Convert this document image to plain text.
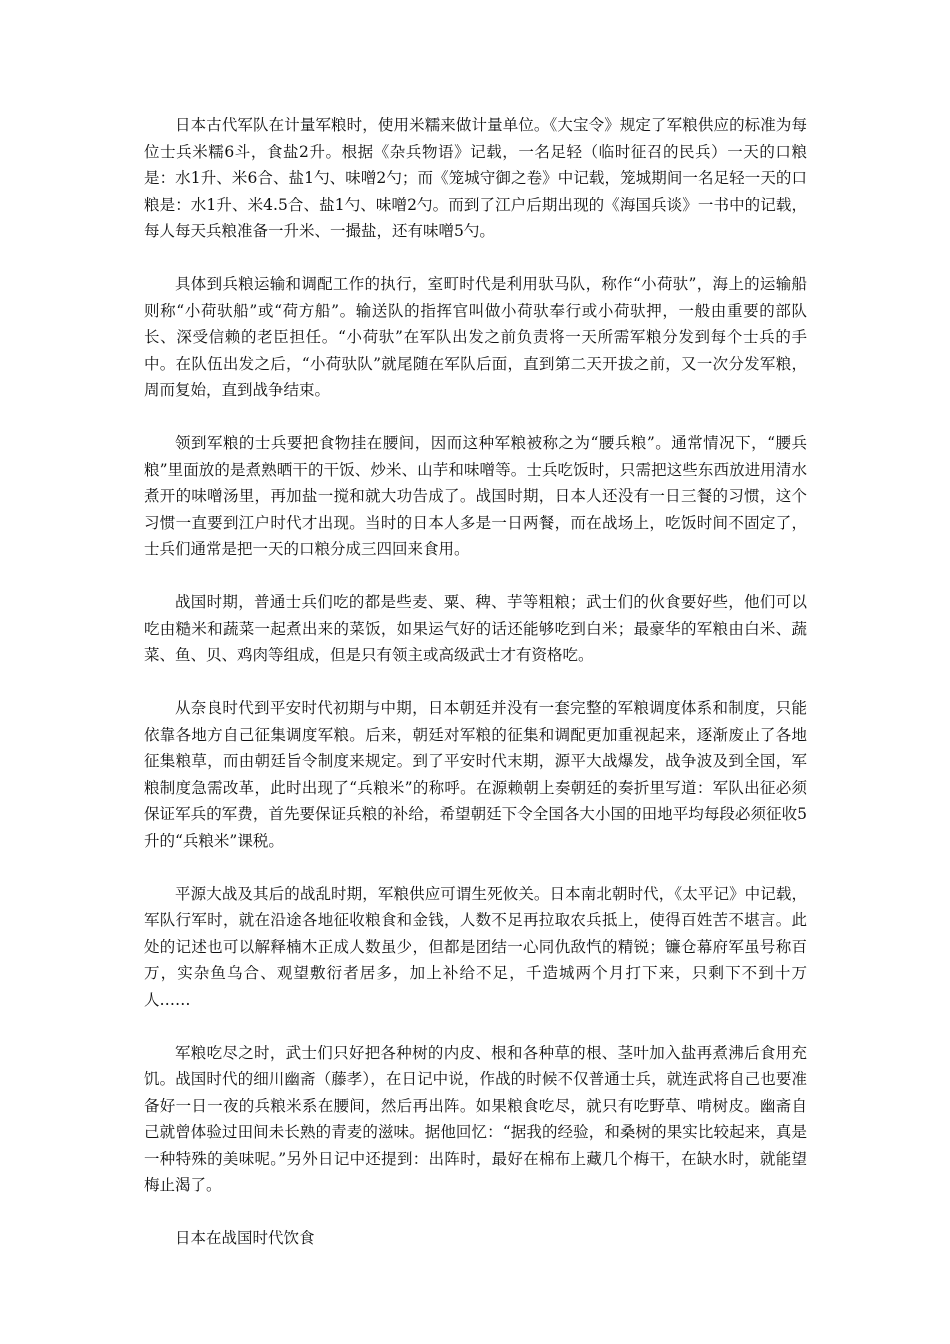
日本古代军队在计量军粮时，使用米糯来做计量单位。《大宝令》规定了军粮供应的标准为每位士兵米糯6斗，食盐2升。根据《杂兵物语》记载，一名足轻（临时征召的民兵）一天的口粮是：水1升、米6合、盐1勺、味噌2勺；而《笼城守御之卷》中记载，笼城期间一名足轻一天的口粮是：水1升、米4.5合、盐1勺、味噌2勺。而到了江户后期出现的《海国兵谈》一书中的记载，每人每天兵粮准备一升米、一撮盐，还有味噌5勺。

具体到兵粮运输和调配工作的执行，室町时代是利用驮马队，称作“小荷驮”，海上的运输船则称“小荷驮船”或“荷方船”。输送队的指挥官叫做小荷驮奉行或小荷驮押，一般由重要的部队长、深受信赖的老臣担任。“小荷驮”在军队出发之前负责将一天所需军粮分发到每个士兵的手中。在队伍出发之后，“小荷驮队”就尾随在军队后面，直到第二天开拔之前，又一次分发军粮，周而复始，直到战争结束。

领到军粮的士兵要把食物挂在腰间，因而这种军粮被称之为“腰兵粮”。通常情况下，“腰兵粮”里面放的是煮熟晒干的干饭、炒米、山芋和味噌等。士兵吃饭时，只需把这些东西放进用清水煮开的味噌汤里，再加盐一搅和就大功告成了。战国时期，日本人还没有一日三餐的习惯，这个习惯一直要到江户时代才出现。当时的日本人多是一日两餐，而在战场上，吃饭时间不固定了，士兵们通常是把一天的口粮分成三四回来食用。

战国时期，普通士兵们吃的都是些麦、粟、稗、芋等粗粮；武士们的伙食要好些，他们可以吃由糙米和蔬菜一起煮出来的菜饭，如果运气好的话还能够吃到白米；最豪华的军粮由白米、蔬菜、鱼、贝、鸡肉等组成，但是只有领主或高级武士才有资格吃。

从奈良时代到平安时代初期与中期，日本朝廷并没有一套完整的军粮调度体系和制度，只能依靠各地方自己征集调度军粮。后来，朝廷对军粮的征集和调配更加重视起来，逐渐废止了各地征集粮草，而由朝廷旨令制度来规定。到了平安时代末期，源平大战爆发，战争波及到全国，军粮制度急需改革，此时出现了“兵粮米”的称呼。在源赖朝上奏朝廷的奏折里写道：军队出征必须保证军兵的军费，首先要保证兵粮的补给，希望朝廷下令全国各大小国的田地平均每段必须征收5升的“兵粮米”课税。

平源大战及其后的战乱时期，军粮供应可谓生死攸关。日本南北朝时代，《太平记》中记载，军队行军时，就在沿途各地征收粮食和金钱，人数不足再拉取农兵抵上，使得百姓苦不堪言。此处的记述也可以解释楠木正成人数虽少，但都是团结一心同仇敌忾的精锐；镰仓幕府军虽号称百万，实杂鱼乌合、观望敷衍者居多，加上补给不足，千造城两个月打下来，只剩下不到十万人……

军粮吃尽之时，武士们只好把各种树的内皮、根和各种草的根、茎叶加入盐再煮沸后食用充饥。战国时代的细川幽斋（藤孝），在日记中说，作战的时候不仅普通士兵，就连武将自己也要准备好一日一夜的兵粮米系在腰间，然后再出阵。如果粮食吃尽，就只有吃野草、啃树皮。幽斋自己就曾体验过田间未长熟的青麦的滋味。据他回忆：“据我的经验，和桑树的果实比较起来，真是一种特殊的美味呢。”另外日记中还提到：出阵时，最好在棉布上藏几个梅干，在缺水时，就能望梅止渴了。

日本在战国时代饮食
